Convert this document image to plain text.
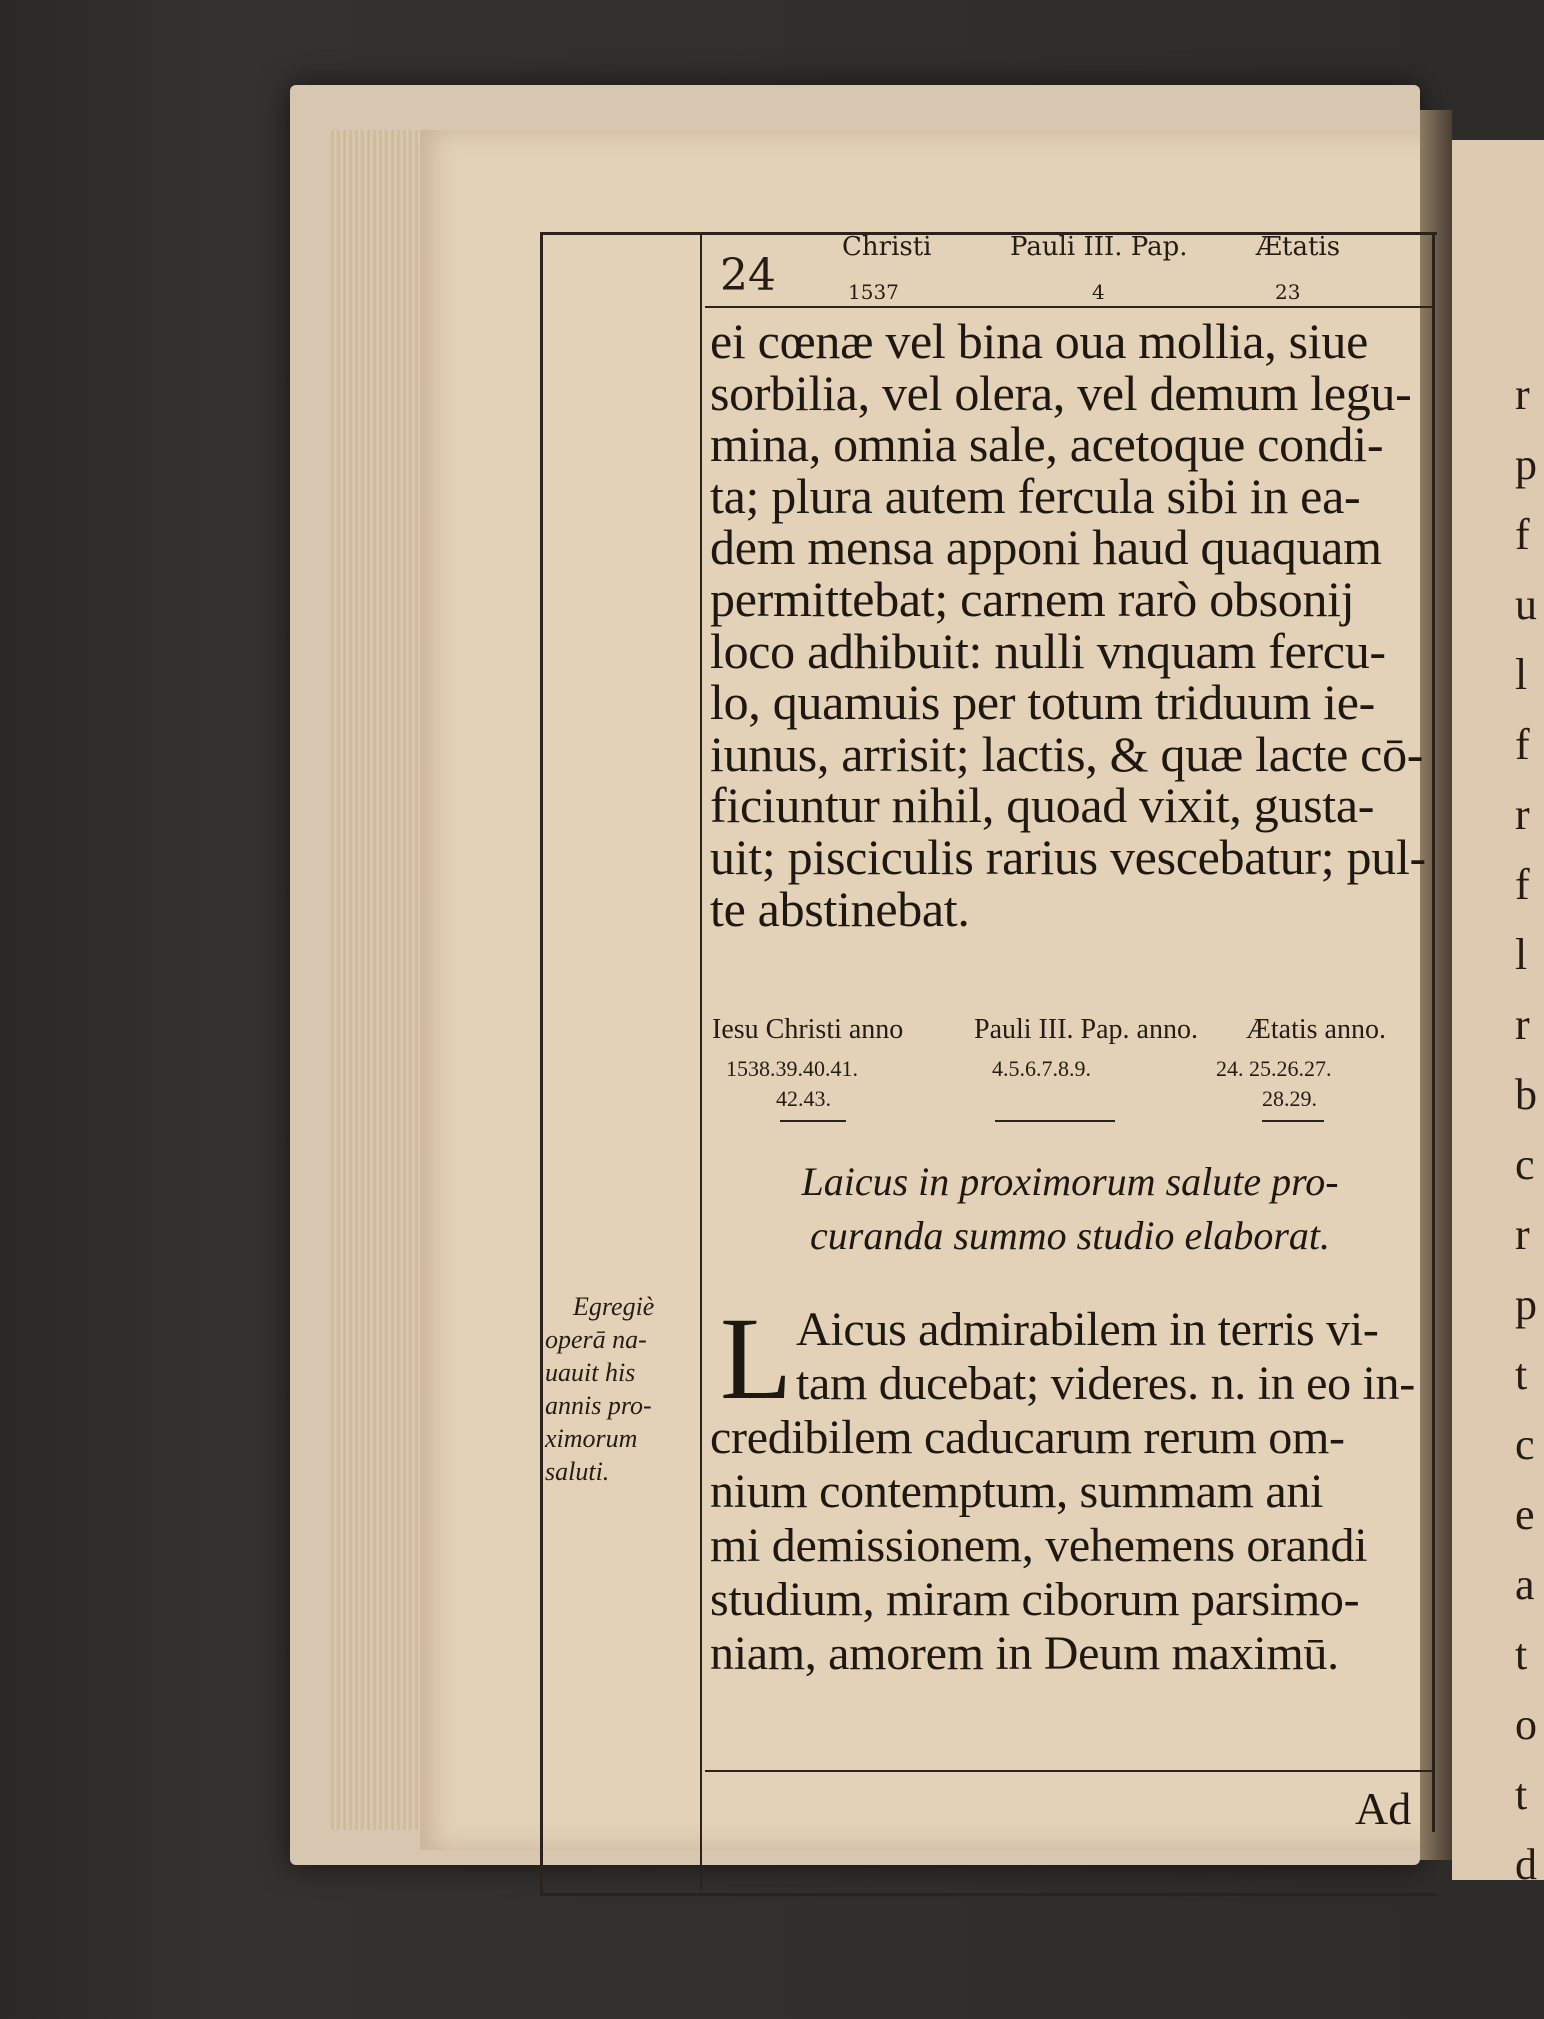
r
p
f
u
l
f
r
f
l
r
b
c
r
p
t
c
e
a
t
o
t
d
24
Christi
1537
Pauli III. Pap.
4
Ætatis
23
ei cœnæ vel bina oua mollia, siue
sorbilia, vel olera, vel demum legu-
mina, omnia sale, acetoque condi-
ta; plura autem fercula sibi in ea-
dem mensa apponi haud quaquam
permittebat; carnem rarò obsonij
loco adhibuit: nulli vnquam fercu-
lo, quamuis per totum triduum ie-
iunus, arrisit; lactis, & quæ lacte cō-
ficiuntur nihil, quoad vixit, gusta-
uit; pisciculis rarius vescebatur; pul-
te abstinebat.
Iesu Christi anno
1538.39.40.41.
42.43.
Pauli III. Pap. anno.
4.5.6.7.8.9.
Ætatis anno.
24. 25.26.27.
28.29.
Laicus in proximorum salute pro-
curanda summo studio elaborat.
Egregiè
operā na-
uauit his
annis pro-
ximorum
saluti.
L Aicus admirabilem in terris vi-
tam ducebat; videres. n. in eo in-
credibilem caducarum rerum om-
nium contemptum, summam ani
mi demissionem, vehemens orandi
studium, miram ciborum parsimo-
niam, amorem in Deum maximū.
Ad
